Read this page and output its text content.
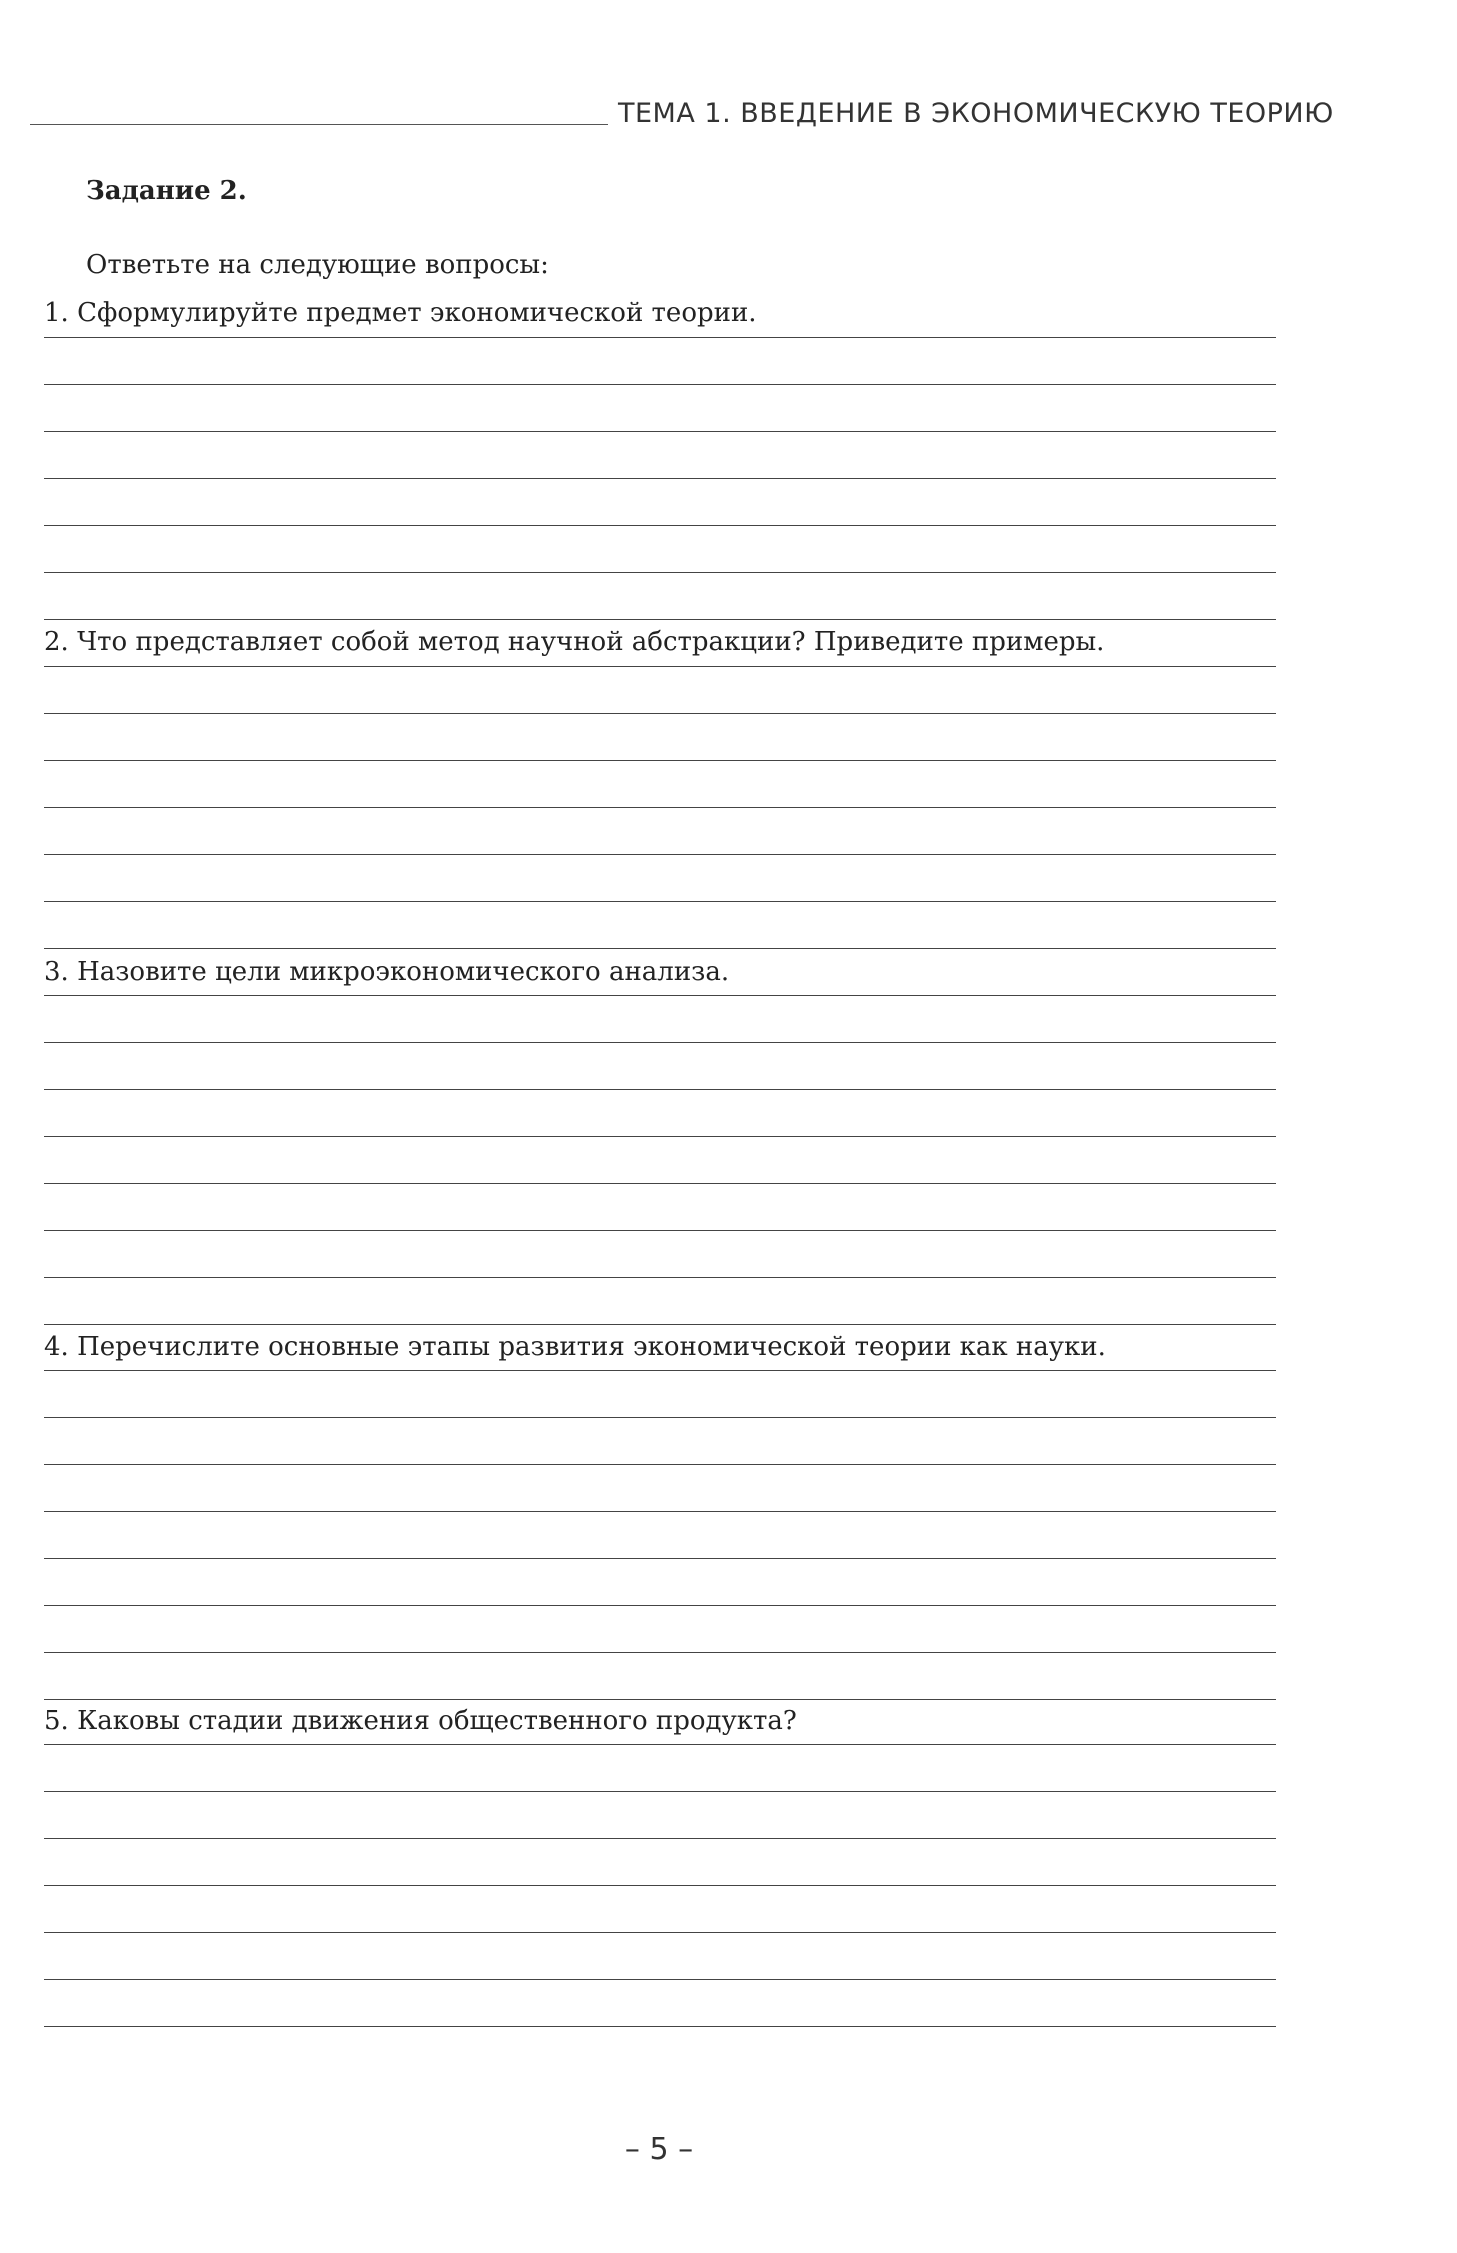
ТЕМА 1. ВВЕДЕНИЕ В ЭКОНОМИЧЕСКУЮ ТЕОРИЮ
Задание 2.
Ответьте на следующие вопросы:
1. Сформулируйте предмет экономической теории.
2. Что представляет собой метод научной абстракции? Приведите примеры.
3. Назовите цели микроэкономического анализа.
4. Перечислите основные этапы развития экономической теории как науки.
5. Каковы стадии движения общественного продукта?
– 5 –
